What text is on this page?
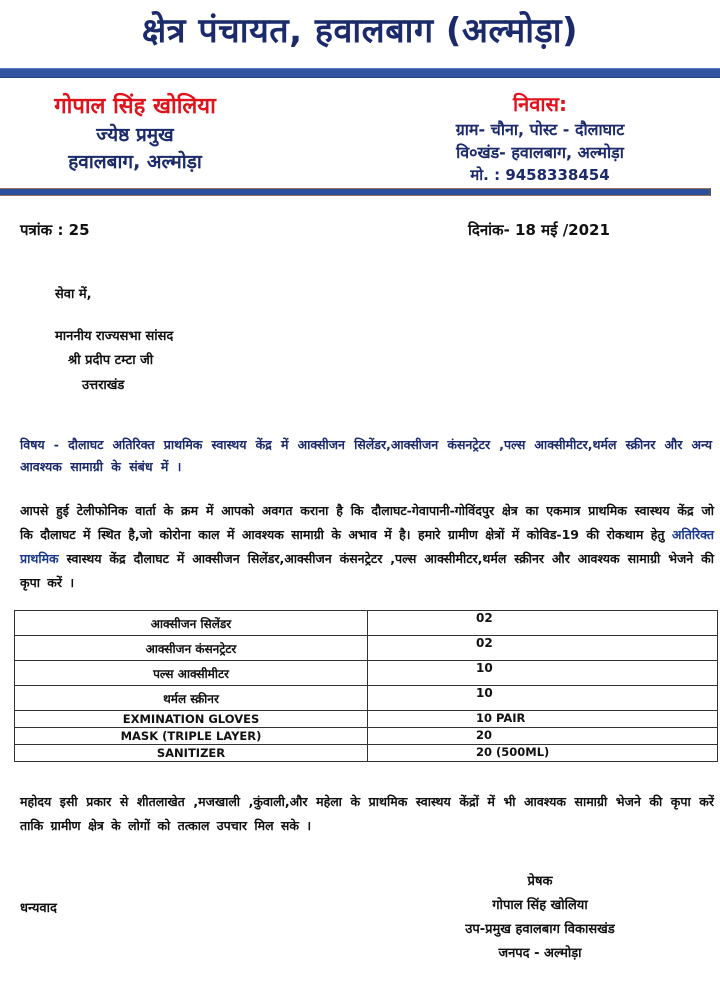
क्षेत्र पंचायत, हवालबाग (अल्मोड़ा)
गोपाल सिंह खोलिया
ज्येष्ठ प्रमुख
हवालबाग, अल्मोड़ा
निवास:
ग्राम- चौना, पोस्ट - दौलाघाट
वि०खंड- हवालबाग, अल्मोड़ा
मो. : 9458338454
पत्रांक : 25	दिनांक- 18 मई /2021
सेवा में,
माननीय राज्यसभा सांसद
श्री प्रदीप टम्टा जी
उत्तराखंड
विषय - दौलाघट अतिरिक्त प्राथमिक स्वास्थय केंद्र में आक्सीजन सिलेंडर,आक्सीजन कंसनट्रेटर ,पल्स आक्सीमीटर,थर्मल स्क्रीनर और अन्य आवश्यक सामाग्री के संबंध में ।
आपसे हुई टेलीफोनिक वार्ता के क्रम में आपको अवगत कराना है कि दौलाघट-गेवापानी-गोविंदपुर क्षेत्र का एकमात्र प्राथमिक स्वास्थय केंद्र जो कि दौलाघट में स्थित है,जो कोरोना काल में आवश्यक सामाग्री के अभाव में है। हमारे ग्रामीण क्षेत्रों में कोविड-19 की रोकथाम हेतु अतिरिक्त प्राथमिक स्वास्थय केंद्र दौलाघट में आक्सीजन सिलेंडर,आक्सीजन कंसनट्रेटर ,पल्स आक्सीमीटर,थर्मल स्क्रीनर और आवश्यक सामाग्री भेजने की कृपा करें ।
आक्सीजन सिलेंडर	02
आक्सीजन कंसनट्रेटर	02
पल्स आक्सीमीटर	10
थर्मल स्क्रीनर	10
EXMINATION GLOVES	10 PAIR
MASK (TRIPLE LAYER)	20
SANITIZER	20 (500ML)
महोदय इसी प्रकार से शीतलाखेत ,मजखाली ,कुंवाली,और महेला के प्राथमिक स्वास्थय केंद्रों में भी आवश्यक सामाग्री भेजने की कृपा करें ताकि ग्रामीण क्षेत्र के लोगों को तत्काल उपचार मिल सके ।
धन्यवाद
प्रेषक
गोपाल सिंह खोलिया
उप-प्रमुख हवालबाग विकासखंड
जनपद - अल्मोड़ा
